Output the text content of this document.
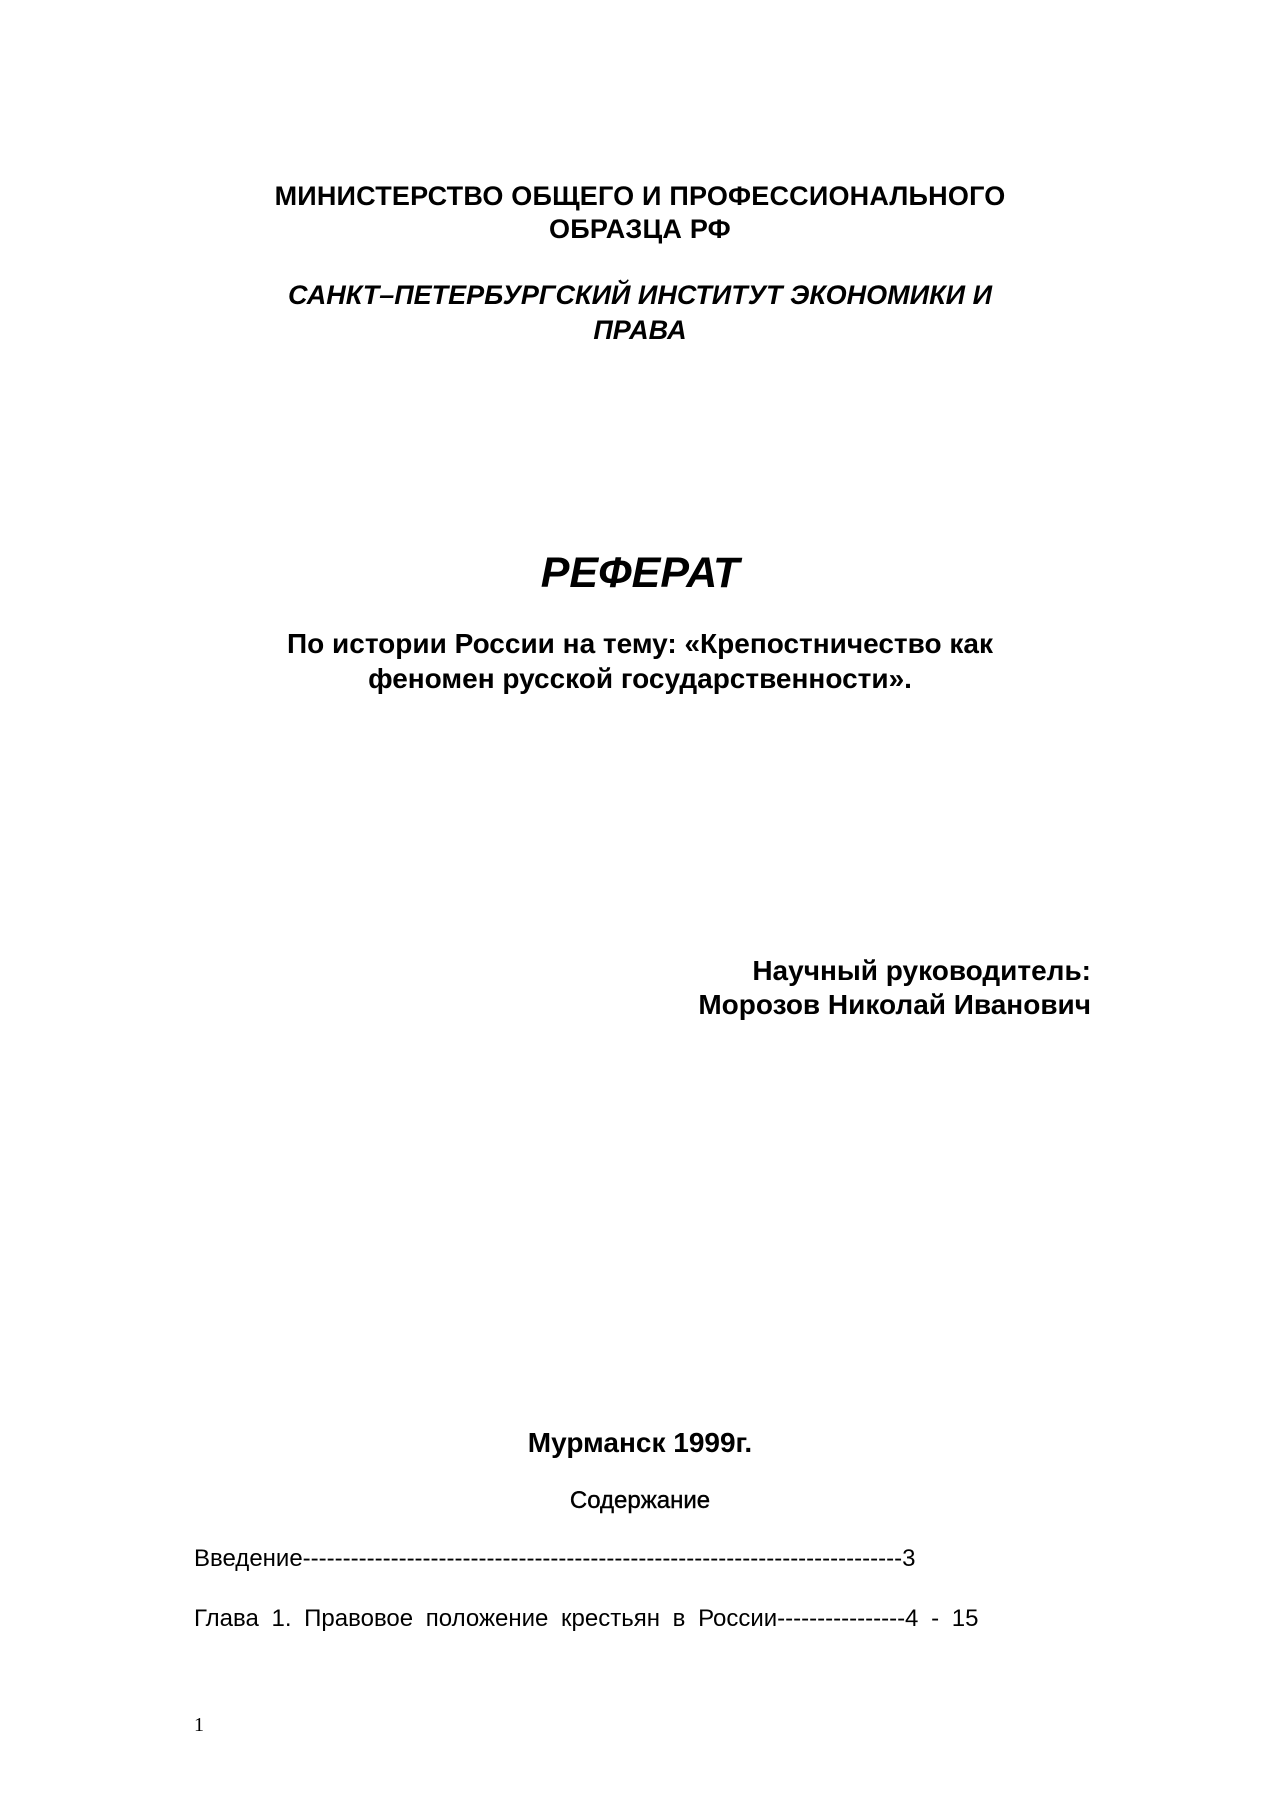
МИНИСТЕРСТВО ОБЩЕГО И ПРОФЕССИОНАЛЬНОГО
ОБРАЗЦА РФ
САНКТ–ПЕТЕРБУРГСКИЙ ИНСТИТУТ ЭКОНОМИКИ И
ПРАВА
РЕФЕРАТ
По истории России на тему: «Крепостничество как
феномен русской государственности».
Научный руководитель:
Морозов Николай Иванович
Мурманск 1999г.
Содержание
Введение---------------------------------------------------------------------------3
Глава 1. Правовое положение крестьян в России----------------4 - 15
1
